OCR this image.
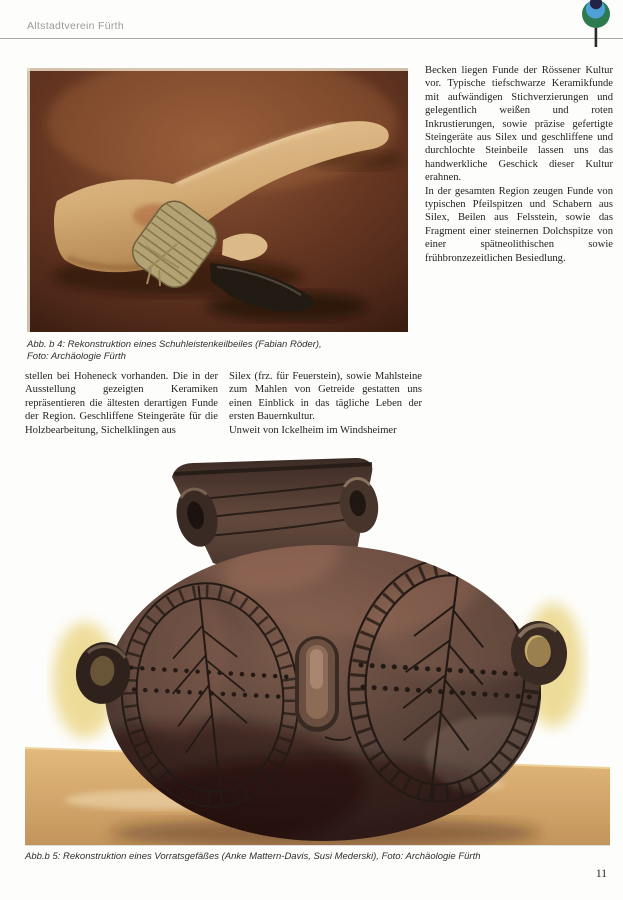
Altstadtverein Fürth
Abb. b 4: Rekonstruktion eines Schuhleistenkeilbeiles (Fabian Röder),
Foto: Archäologie Fürth

Becken liegen Funde der Rössener Kultur vor. Typische tiefschwarze Keramikfunde mit aufwändigen Stichverzierungen und gelegentlich weißen und roten Inkrustierungen, sowie präzise gefertigte Steingeräte aus Silex und geschliffene und durchlochte Steinbeile lassen uns das handwerkliche Geschick dieser Kultur erahnen.

In der gesamten Region zeugen Funde von typischen Pfeilspitzen und Schabern aus Silex, Beilen aus Felsstein, sowie das Fragment einer steinernen Dolchspitze von einer spätneolithischen sowie frühbronzezeitlichen Besiedlung.

stellen bei Hoheneck vorhanden. Die in der Ausstellung gezeigten Keramiken repräsentieren die ältesten derartigen Funde der Region. Geschliffene Steingeräte für die Holzbearbeitung, Sichelklingen aus

Silex (frz. für Feuerstein), sowie Mahlsteine zum Mahlen von Getreide gestatten uns einen Einblick in das tägliche Leben der ersten Bauernkultur.

Unweit von Ickelheim im Windsheimer

Abb.b 5: Rekonstruktion eines Vorratsgefäßes (Anke Mattern-Davis, Susi Mederski), Foto: Archäologie Fürth
11
